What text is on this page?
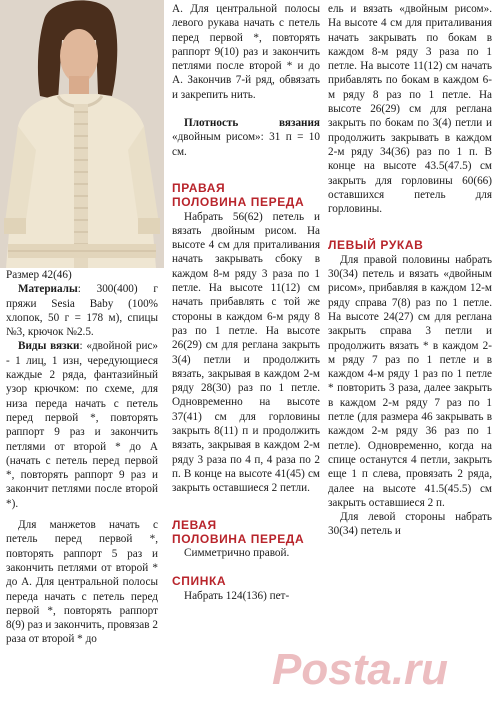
Размер 42(46)

Материалы: 300(400) г пряжи Sesia Baby (100% хлопок, 50 г = 178 м), спицы №3, крючок №2.5.

Виды вязки: «двойной рис» - 1 лиц, 1 изн, чередующиеся каждые 2 ряда, фантазийный узор крючком: по схеме, для низа переда начать с петель перед первой *, повторять раппорт 9 раз и закончить петлями от второй * до А (начать с петель перед первой *, повторять раппорт 9 раз и закончит петлями после второй *).

Для манжетов начать с петель перед первой *, повторять раппорт 5 раз и закончить петлями от второй * до А. Для центральной полосы переда начать с петель перед первой *, повторять раппорт 8(9) раз и закончить, провязав 2 раза от второй * до

А. Для центральной полосы левого рукава начать с петель перед первой *, повторять раппорт 9(10) раз и закончить петлями после второй * и до А. Закончив 7-й ряд, обвязать и закрепить нить.

Плотность вязания «двойным рисом»: 31 п = 10 см.

ПРАВАЯ
ПОЛОВИНА ПЕРЕДА

Набрать 56(62) петель и вязать двойным рисом. На высоте 4 см для приталивания начать закрывать сбоку в каждом 8-м ряду 3 раза по 1 петле. На высоте 11(12) см начать прибавлять с той же стороны в каждом 6-м ряду 8 раз по 1 петле. На высоте 26(29) см для реглана закрыть 3(4) петли и продолжить вязать, закрывая в каждом 2-м ряду 28(30) раз по 1 петле. Одновременно на высоте 37(41) см для горловины закрыть 8(11) п и продолжить вязать, закрывая в каждом 2-м ряду 3 раза по 4 п, 4 раза по 2 п. В конце на высоте 41(45) см закрыть оставшиеся 2 петли.

ЛЕВАЯ
ПОЛОВИНА ПЕРЕДА

Симметрично правой.

СПИНКА

Набрать 124(136) пет-

ель и вязать «двойным рисом». На высоте 4 см для приталивания начать закрывать по бокам в каждом 8-м ряду 3 раза по 1 петле. На высоте 11(12) см начать прибавлять по бокам в каждом 6-м ряду 8 раз по 1 петле. На высоте 26(29) см для реглана закрыть по бокам по 3(4) петли и продолжить закрывать в каждом 2-м ряду 34(36) раз по 1 п. В конце на высоте 43.5(47.5) см закрыть для горловины 60(66) оставшихся петель для горловины.

ЛЕВЫЙ РУКАВ

Для правой половины набрать 30(34) петель и вязать «двойным рисом», прибавляя в каждом 12-м ряду справа 7(8) раз по 1 петле. На высоте 24(27) см для реглана закрыть справа 3 петли и продолжить вязать * в каждом 2-м ряду 7 раз по 1 петле и в каждом 4-м ряду 1 раз по 1 петле * повторить 3 раза, далее закрыть в каждом 2-м ряду 7 раз по 1 петле (для размера 46 закрывать в каждом 2-м ряду 36 раз по 1 петле). Одновременно, когда на спице останутся 4 петли, закрыть еще 1 п слева, провязать 2 ряда, далее на высоте 41.5(45.5) см закрыть оставшиеся 2 п.

Для левой стороны набрать 30(34) петель и

Posta.ru
